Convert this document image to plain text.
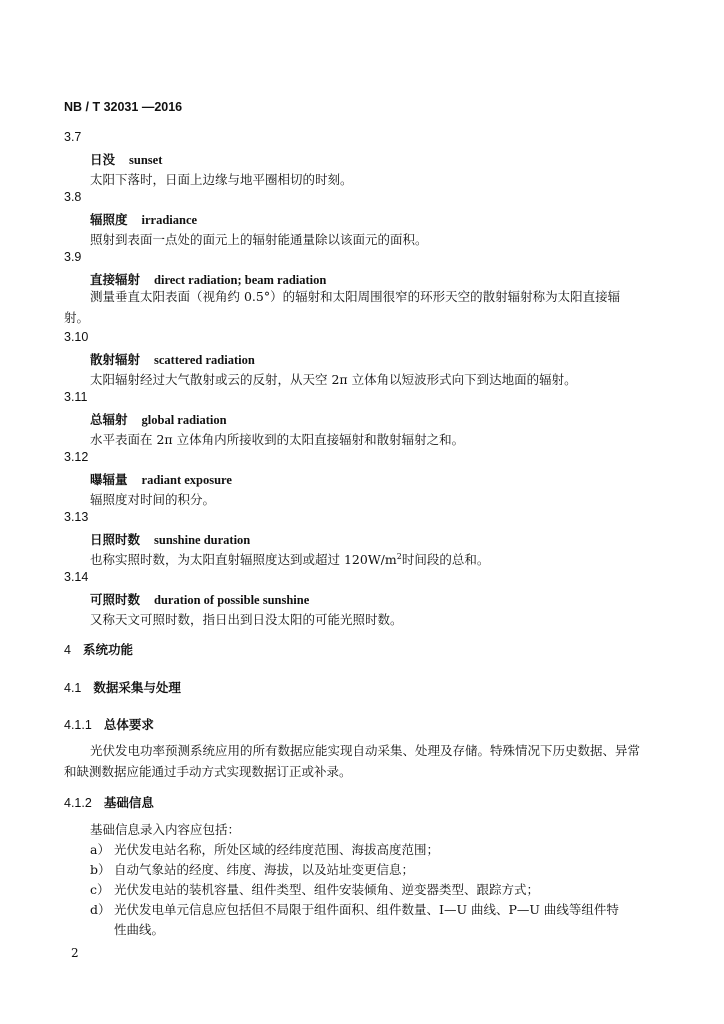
NB / T 32031 —2016
3.7
日没 sunset
太阳下落时，日面上边缘与地平圈相切的时刻。
3.8
辐照度 irradiance
照射到表面一点处的面元上的辐射能通量除以该面元的面积。
3.9
直接辐射 direct radiation; beam radiation
测量垂直太阳表面（视角约 0.5°）的辐射和太阳周围很窄的环形天空的散射辐射称为太阳直接辐射。
3.10
散射辐射 scattered radiation
太阳辐射经过大气散射或云的反射，从天空 2π 立体角以短波形式向下到达地面的辐射。
3.11
总辐射 global radiation
水平表面在 2π 立体角内所接收到的太阳直接辐射和散射辐射之和。
3.12
曝辐量 radiant exposure
辐照度对时间的积分。
3.13
日照时数 sunshine duration
也称实照时数，为太阳直射辐照度达到或超过 $120W/m^2$时间段的总和。
3.14
可照时数 duration of possible sunshine
又称天文可照时数，指日出到日没太阳的可能光照时数。
4 系统功能
4.1 数据采集与处理
4.1.1 总体要求
光伏发电功率预测系统应用的所有数据应能实现自动采集、处理及存储。特殊情况下历史数据、异常和缺测数据应能通过手动方式实现数据订正或补录。
4.1.2 基础信息
基础信息录入内容应包括：
a） 光伏发电站名称，所处区域的经纬度范围、海拔高度范围；
b） 自动气象站的经度、纬度、海拔，以及站址变更信息；
c） 光伏发电站的装机容量、组件类型、组件安装倾角、逆变器类型、跟踪方式；
d） 光伏发电单元信息应包括但不局限于组件面积、组件数量、I—U 曲线、P—U 曲线等组件特
性曲线。
2
